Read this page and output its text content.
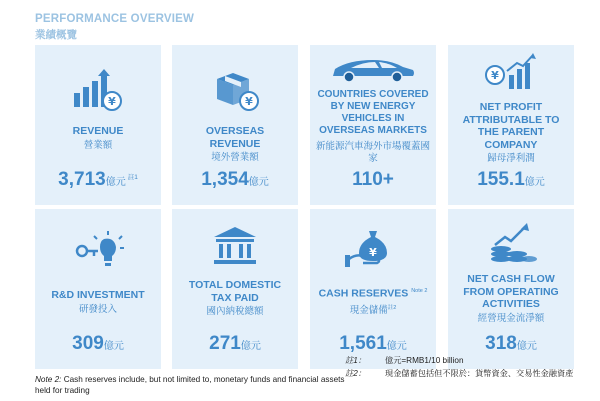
PERFORMANCE OVERVIEW
業績概覽
¥
REVENUE
營業額
3,713億元 $^{註1}$
¥
OVERSEAS REVENUE
境外營業額
1,354億元
COUNTRIES COVERED BY NEW ENERGY VEHICLES IN OVERSEAS MARKETS
新能源汽車海外市場覆蓋國家
110+
¥
NET PROFIT ATTRIBUTABLE TO THE PARENT COMPANY
歸母淨利潤
155.1億元
R&D INVESTMENT
研發投入
309億元
TOTAL DOMESTIC TAX PAID
國內納稅總額
271億元
¥
CASH RESERVES $^{Note 2}$
現金儲備$^{註2}$
1,561億元
NET CASH FLOW FROM OPERATING ACTIVITIES
經營現金流淨額
318億元
註1：	億元=RMB1/10 billion
註2：	現金儲蓄包括但不限於：貨幣資金、交易性金融資產
Note 2: Cash reserves include, but not limited to, monetary funds and financial assets held for trading
